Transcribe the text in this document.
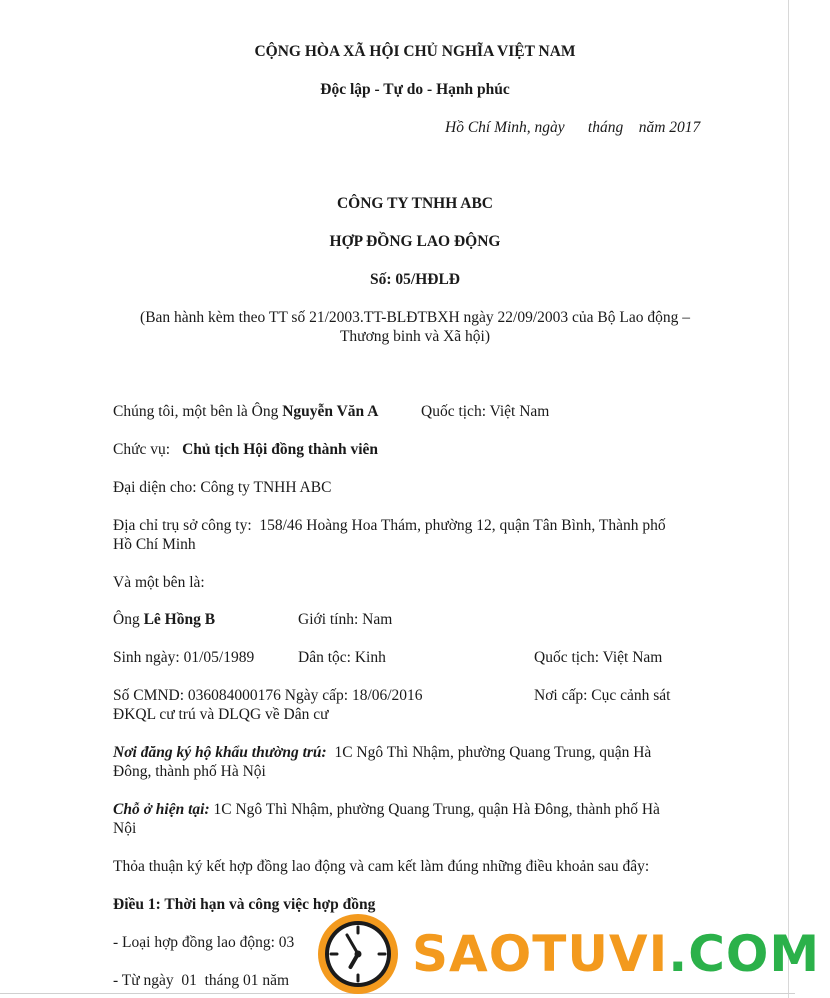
CỘNG HÒA XÃ HỘI CHỦ NGHĨA VIỆT NAM
Độc lập - Tự do - Hạnh phúc
Hồ Chí Minh, ngày      tháng    năm 2017
CÔNG TY TNHH ABC
HỢP ĐỒNG LAO ĐỘNG
Số: 05/HĐLĐ
(Ban hành kèm theo TT số 21/2003.TT-BLĐTBXH ngày 22/09/2003 của Bộ Lao động –
Thương binh và Xã hội)
Chúng tôi, một bên là Ông Nguyễn Văn A	Quốc tịch: Việt Nam
Chức vụ: Chủ tịch Hội đồng thành viên
Đại diện cho: Công ty TNHH ABC
Địa chỉ trụ sở công ty:  158/46 Hoàng Hoa Thám, phường 12, quận Tân Bình, Thành phố
Hồ Chí Minh
Và một bên là:
Ông Lê Hồng B	Giới tính: Nam
Sinh ngày: 01/05/1989	Dân tộc: Kinh	Quốc tịch: Việt Nam
Số CMND: 036084000176 Ngày cấp: 18/06/2016	Nơi cấp: Cục cảnh sát
ĐKQL cư trú và DLQG về Dân cư
Nơi đăng ký hộ khẩu thường trú:  1C Ngô Thì Nhậm, phường Quang Trung, quận Hà
Đông, thành phố Hà Nội
Chỗ ở hiện tại: 1C Ngô Thì Nhậm, phường Quang Trung, quận Hà Đông, thành phố Hà
Nội
Thỏa thuận ký kết hợp đồng lao động và cam kết làm đúng những điều khoản sau đây:
Điều 1: Thời hạn và công việc hợp đồng
- Loại hợp đồng lao động: 03
- Từ ngày  01  tháng 01 năm SAOTUVI.COM
